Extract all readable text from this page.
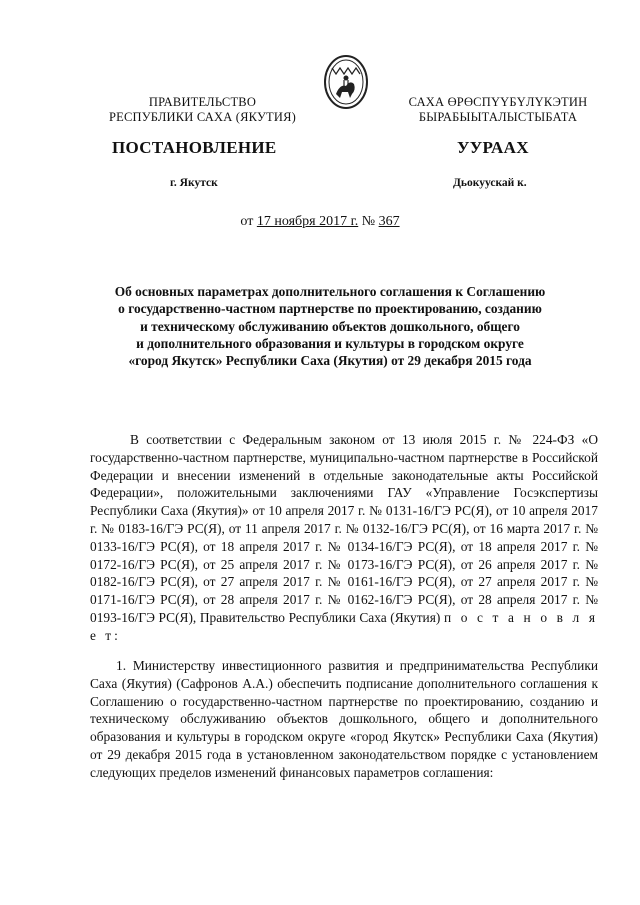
ПРАВИТЕЛЬСТВО
РЕСПУБЛИКИ САХА (ЯКУТИЯ)
САХА ӨРӨСПҮҮБҮЛҮКЭТИН
БЫРАБЫЫТАЛЫСТЫБАТА
ПОСТАНОВЛЕНИЕ	УУРААХ
г. Якутск	Дьокуускай к.
от 17 ноября 2017 г. № 367
Об основных параметрах дополнительного соглашения к Соглашению
о государственно-частном партнерстве по проектированию, созданию
и техническому обслуживанию объектов дошкольного, общего
и дополнительного образования и культуры в городском округе
«город Якутск» Республики Саха (Якутия) от 29 декабря 2015 года
В соответствии с Федеральным законом от 13 июля 2015 г. № 224-ФЗ «О государственно-частном партнерстве, муниципально-частном партнерстве в Российской Федерации и внесении изменений в отдельные законодательные акты Российской Федерации», положительными заключениями ГАУ «Управление Госэкспертизы Республики Саха (Якутия)» от 10 апреля 2017 г. № 0131-16/ГЭ РС(Я), от 10 апреля 2017 г. № 0183-16/ГЭ РС(Я), от 11 апреля 2017 г. № 0132-16/ГЭ РС(Я), от 16 марта 2017 г. № 0133-16/ГЭ РС(Я), от 18 апреля 2017 г. № 0134-16/ГЭ РС(Я), от 18 апреля 2017 г. № 0172-16/ГЭ РС(Я), от 25 апреля 2017 г. № 0173-16/ГЭ РС(Я), от 26 апреля 2017 г. № 0182-16/ГЭ РС(Я), от 27 апреля 2017 г. № 0161-16/ГЭ РС(Я), от 27 апреля 2017 г. № 0171-16/ГЭ РС(Я), от 28 апреля 2017 г. № 0162-16/ГЭ РС(Я), от 28 апреля 2017 г. № 0193-16/ГЭ РС(Я), Правительство Республики Саха (Якутия) п о с т а н о в л я е т:
1. Министерству инвестиционного развития и предпринимательства Республики Саха (Якутия) (Сафронов А.А.) обеспечить подписание дополнительного соглашения к Соглашению о государственно-частном партнерстве по проектированию, созданию и техническому обслуживанию объектов дошкольного, общего и дополнительного образования и культуры в городском округе «город Якутск» Республики Саха (Якутия) от 29 декабря 2015 года в установленном законодательством порядке с установлением следующих пределов изменений финансовых параметров соглашения:
